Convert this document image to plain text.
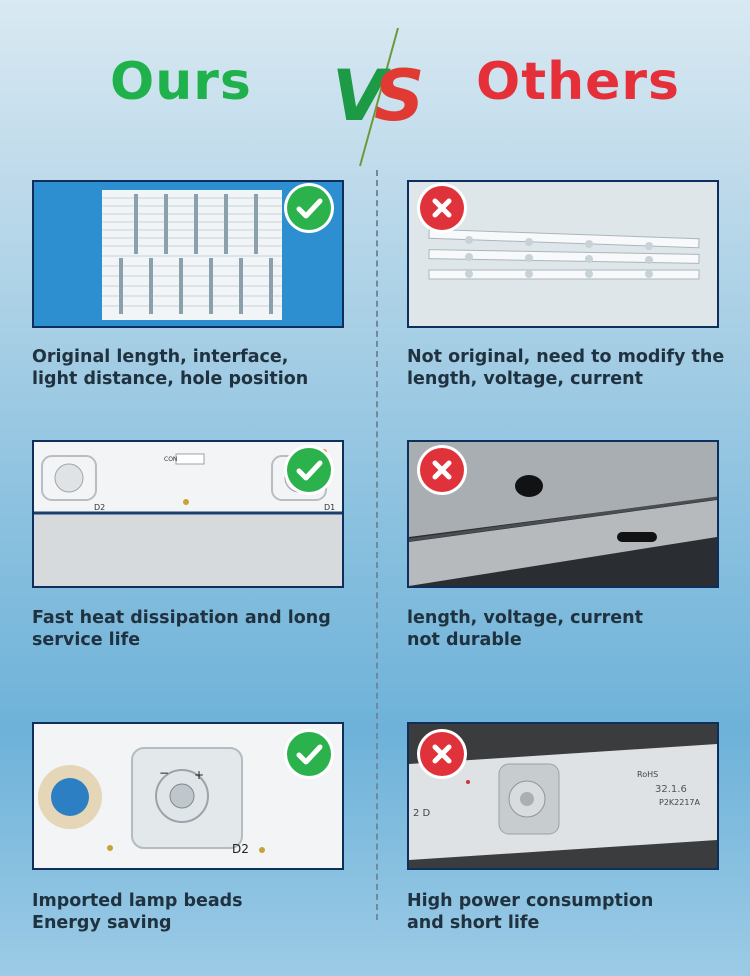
Ours	Others
V
S
Original length, interface,
light distance, hole position
Not original, need to modify the
length, voltage, current
D2	D1
CON
Fast heat dissipation and long
service life
length, voltage, current
not durable
D2
− +	RoHS
32.1.6
P2K2217A
2 D
Imported lamp beads
Energy saving
High power consumption
and short life
